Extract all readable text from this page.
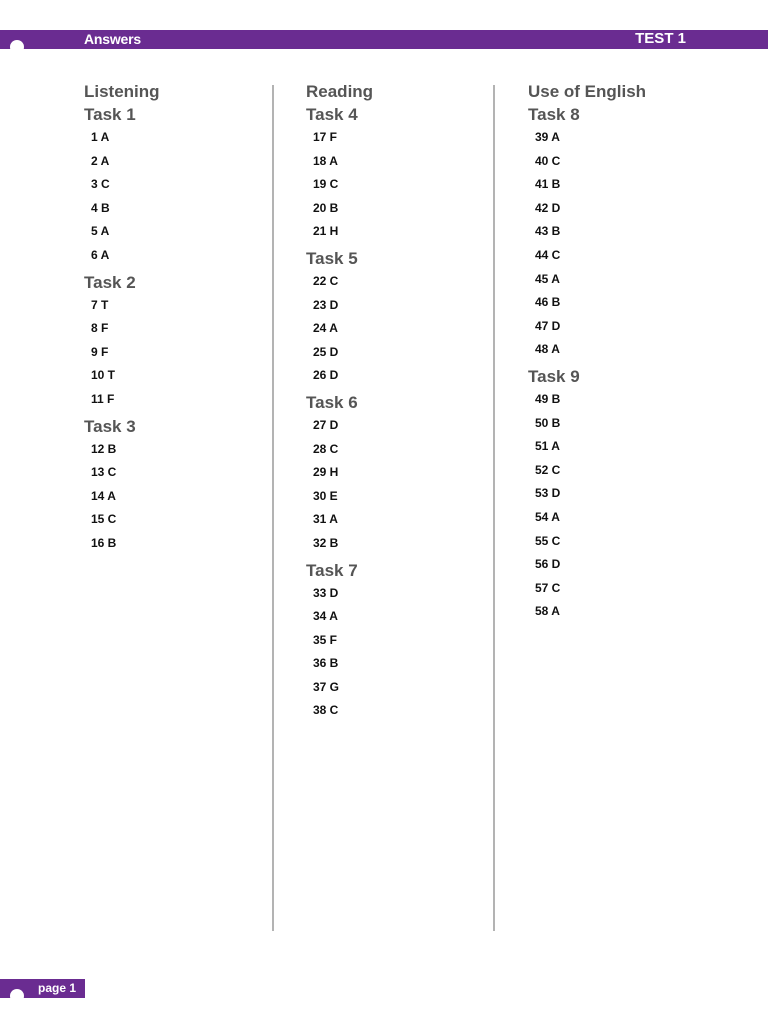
Answers	TEST 1
Listening
Task 1
1 A
2 A
3 C
4 B
5 A
6 A
Task 2
7 T
8 F
9 F
10 T
11 F
Task 3
12 B
13 C
14 A
15 C
16 B
Reading
Task 4
17 F
18 A
19 C
20 B
21 H
Task 5
22 C
23 D
24 A
25 D
26 D
Task 6
27 D
28 C
29 H
30 E
31 A
32 B
Task 7
33 D
34 A
35 F
36 B
37 G
38 C
Use of English
Task 8
39 A
40 C
41 B
42 D
43 B
44 C
45 A
46 B
47 D
48 A
Task 9
49 B
50 B
51 A
52 C
53 D
54 A
55 C
56 D
57 C
58 A
page 1
